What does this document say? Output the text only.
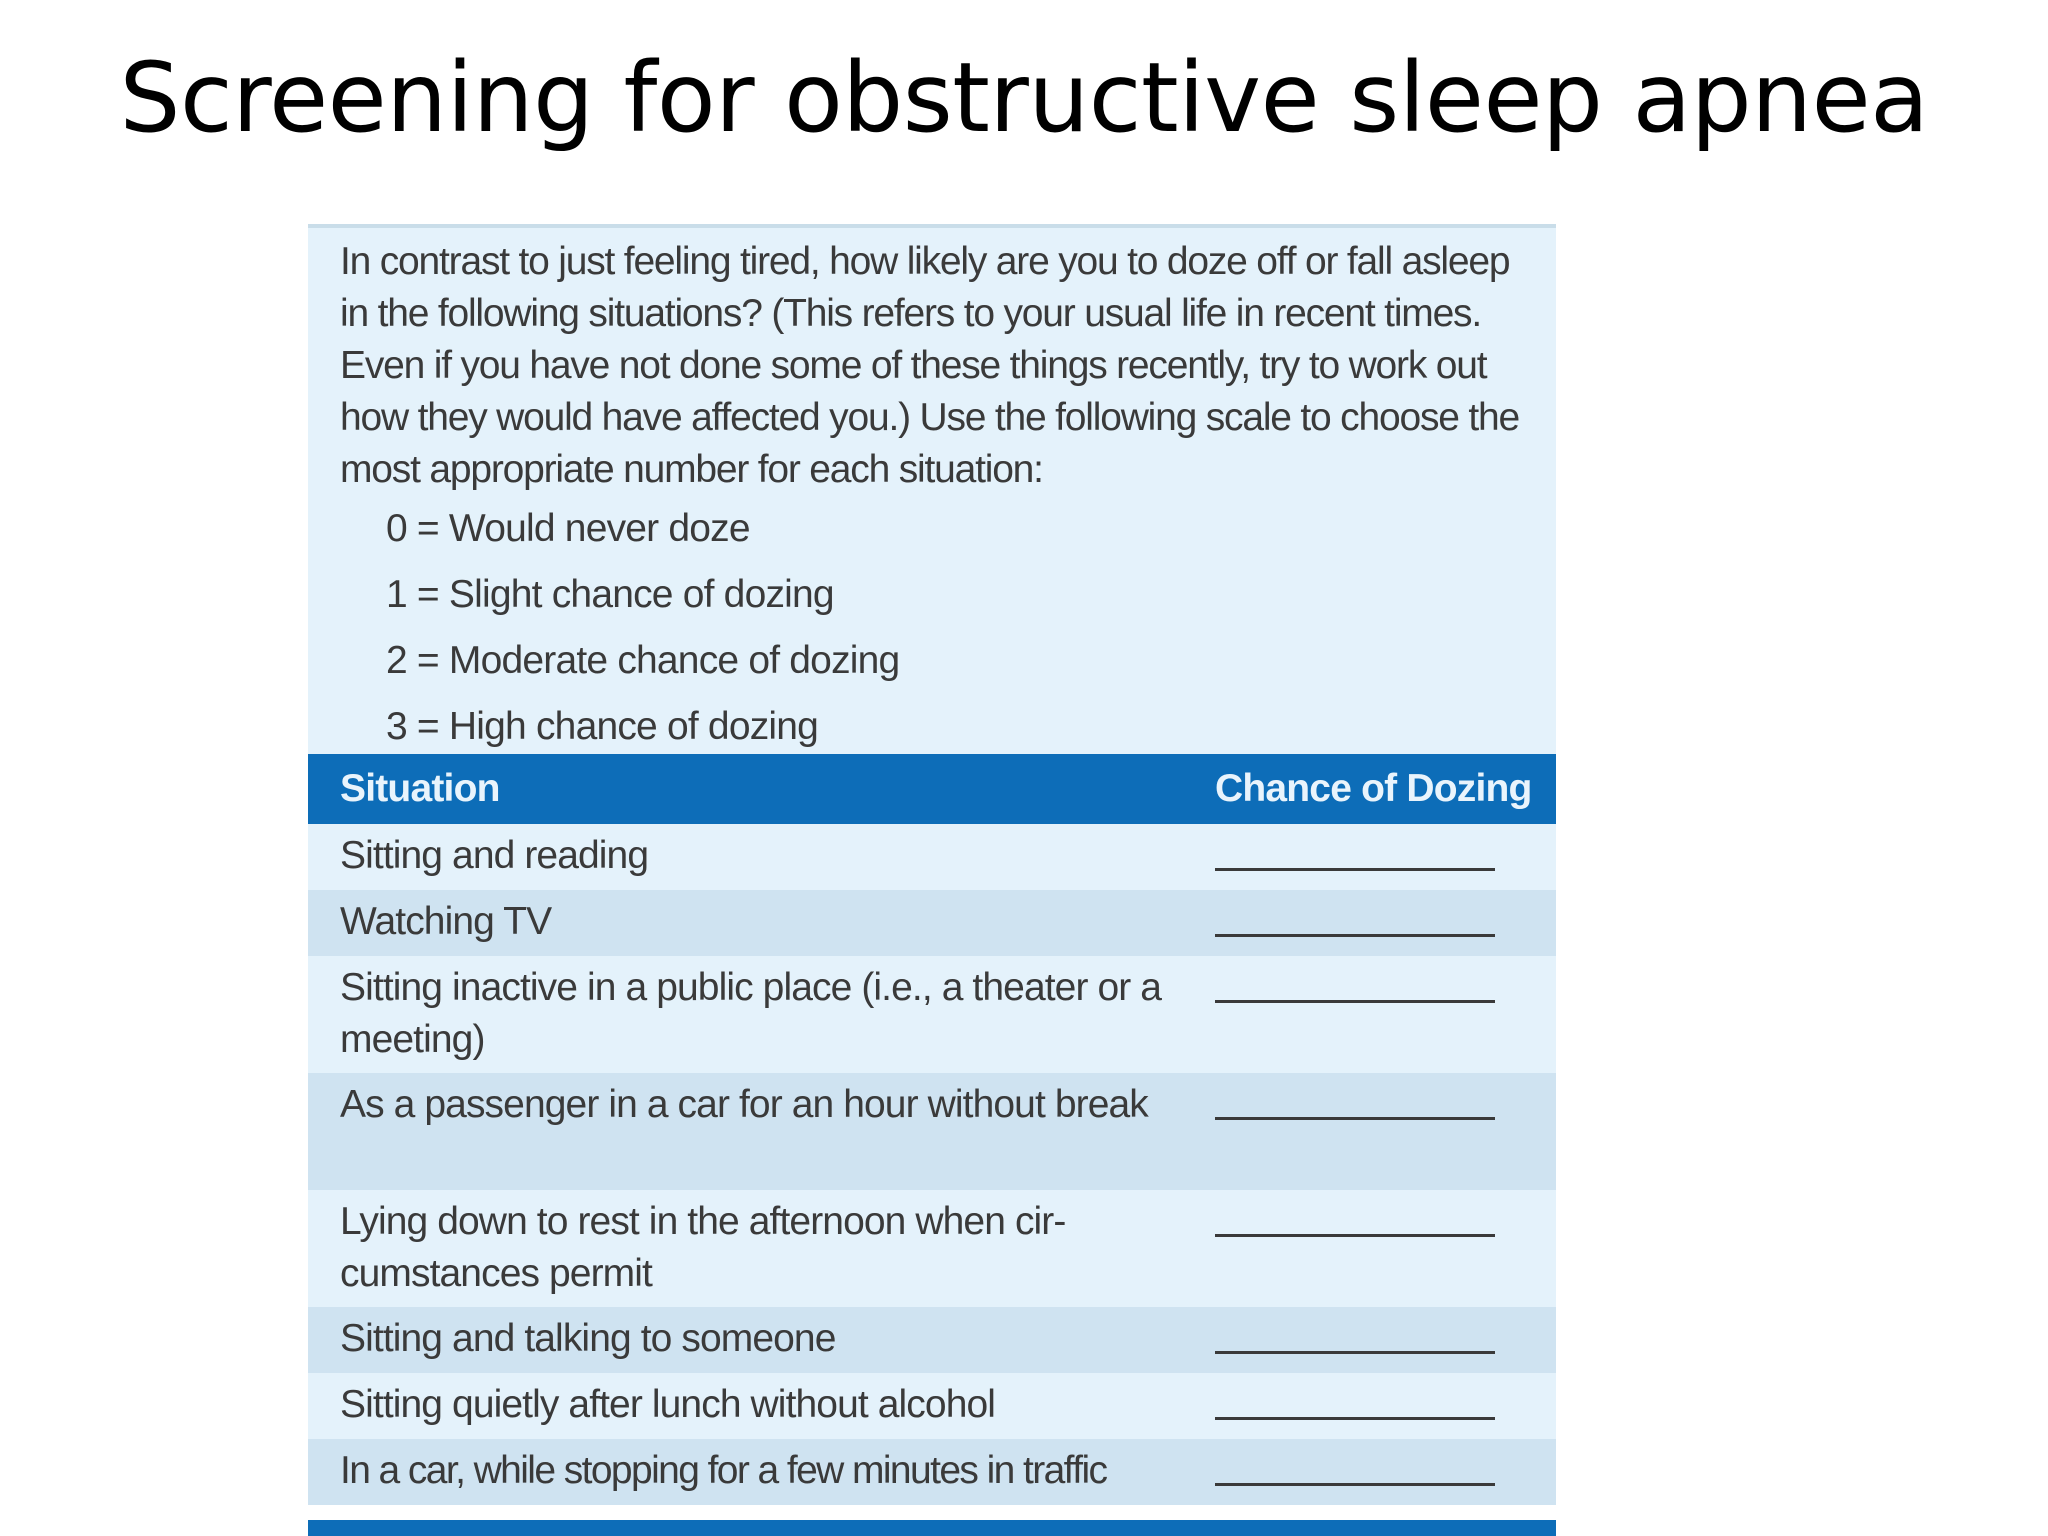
Screening for obstructive sleep apnea
In contrast to just feeling tired, how likely are you to doze off or fall asleep in the following situations? (This refers to your usual life in recent times. Even if you have not done some of these things recently, try to work out how they would have affected you.) Use the following scale to choose the most appropriate number for each situation:
0 = Would never doze
1 = Slight chance of dozing
2 = Moderate chance of dozing
3 = High chance of dozing
Situation	Chance of Dozing
Sitting and reading
Watching TV
Sitting inactive in a public place (i.e., a theater or a meeting)
As a passenger in a car for an hour without break
Lying down to rest in the afternoon when cir-cumstances permit
Sitting and talking to someone
Sitting quietly after lunch without alcohol
In a car, while stopping for a few minutes in traffic
